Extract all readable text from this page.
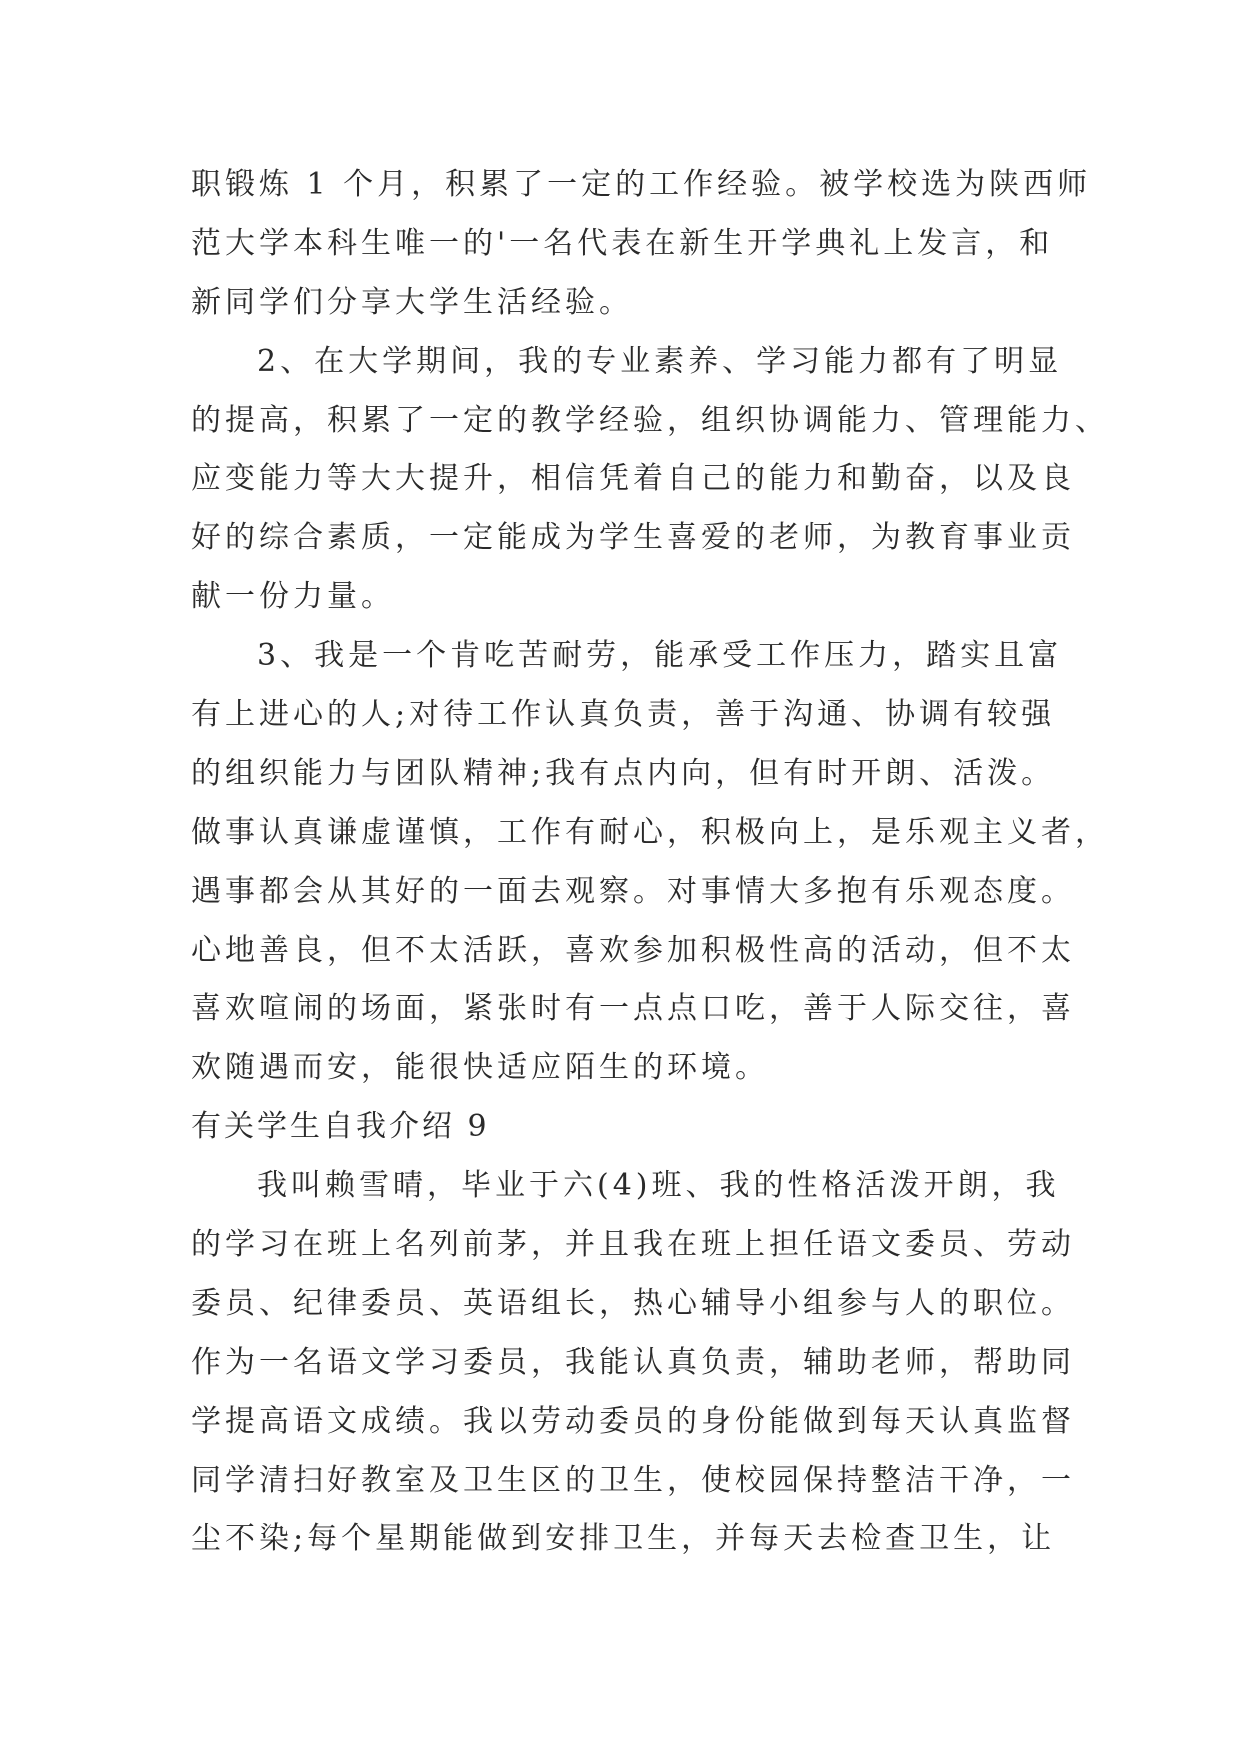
职锻炼 1 个月，积累了一定的工作经验。被学校选为陕西师
范大学本科生唯一的'一名代表在新生开学典礼上发言，和
新同学们分享大学生活经验。
2、在大学期间，我的专业素养、学习能力都有了明显
的提高，积累了一定的教学经验，组织协调能力、管理能力、
应变能力等大大提升，相信凭着自己的能力和勤奋，以及良
好的综合素质，一定能成为学生喜爱的老师，为教育事业贡
献一份力量。
3、我是一个肯吃苦耐劳，能承受工作压力，踏实且富
有上进心的人;对待工作认真负责，善于沟通、协调有较强
的组织能力与团队精神;我有点内向，但有时开朗、活泼。
做事认真谦虚谨慎，工作有耐心，积极向上，是乐观主义者，
遇事都会从其好的一面去观察。对事情大多抱有乐观态度。
心地善良，但不太活跃，喜欢参加积极性高的活动，但不太
喜欢喧闹的场面，紧张时有一点点口吃，善于人际交往，喜
欢随遇而安，能很快适应陌生的环境。
有关学生自我介绍 9
我叫赖雪晴，毕业于六(4)班、我的性格活泼开朗，我
的学习在班上名列前茅，并且我在班上担任语文委员、劳动
委员、纪律委员、英语组长，热心辅导小组参与人的职位。
作为一名语文学习委员，我能认真负责，辅助老师，帮助同
学提高语文成绩。我以劳动委员的身份能做到每天认真监督
同学清扫好教室及卫生区的卫生，使校园保持整洁干净，一
尘不染;每个星期能做到安排卫生，并每天去检查卫生，让
